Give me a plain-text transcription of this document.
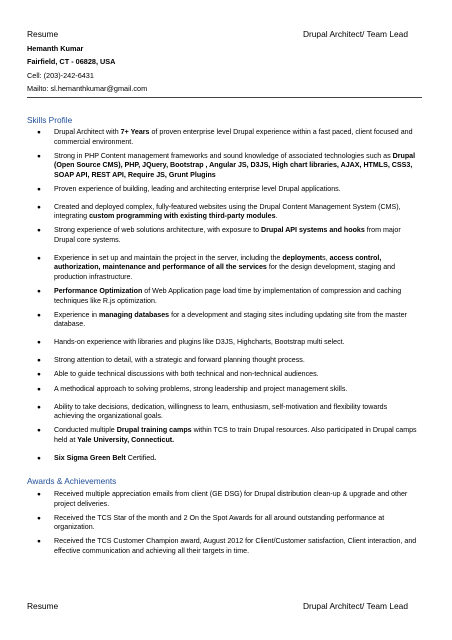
Resume	Drupal Architect/ Team Lead
Hemanth Kumar
Fairfield, CT - 06828, USA
Cell: (203)-242-6431
Mailto: sl.hemanthkumar@gmail.com
Skills Profile
● Drupal Architect with 7+ Years of proven enterprise level Drupal experience within a fast paced, client focused and commercial environment.
● Strong in PHP Content management frameworks and sound knowledge of associated technologies such as Drupal (Open Source CMS), PHP, JQuery, Bootstrap , Angular JS, D3JS, High chart libraries, AJAX, HTMLS, CSS3, SOAP API, REST API, Require JS, Grunt Plugins
● Proven experience of building, leading and architecting enterprise level Drupal applications.
● Created and deployed complex, fully-featured websites using the Drupal Content Management System (CMS), integrating custom programming with existing third-party modules.
● Strong experience of web solutions architecture, with exposure to Drupal API systems and hooks from major Drupal core systems.
● Experience in set up and maintain the project in the server, including the deployments, access control, authorization, maintenance and performance of all the services for the design development, staging and production infrastructure.
● Performance Optimization of Web Application page load time by implementation of compression and caching techniques like R.js optimization.
● Experience in managing databases for a development and staging sites including updating site from the master database.
● Hands-on experience with libraries and plugins like D3JS, Highcharts, Bootstrap multi select.
● Strong attention to detail, with a strategic and forward planning thought process.
● Able to guide technical discussions with both technical and non-technical audiences.
● A methodical approach to solving problems, strong leadership and project management skills.
● Ability to take decisions, dedication, willingness to learn, enthusiasm, self-motivation and flexibility towards achieving the organizational goals.
● Conducted multiple Drupal training camps within TCS to train Drupal resources. Also participated in Drupal camps held at Yale University, Connecticut.
● Six Sigma Green Belt Certified.
Awards & Achievements
● Received multiple appreciation emails from client (GE DSG) for Drupal distribution clean-up & upgrade and other project deliveries.
● Received the TCS Star of the month and 2 On the Spot Awards for all around outstanding performance at organization.
● Received the TCS Customer Champion award, August 2012 for Client/Customer satisfaction, Client interaction, and effective communication and achieving all their targets in time.
Resume	Drupal Architect/ Team Lead
